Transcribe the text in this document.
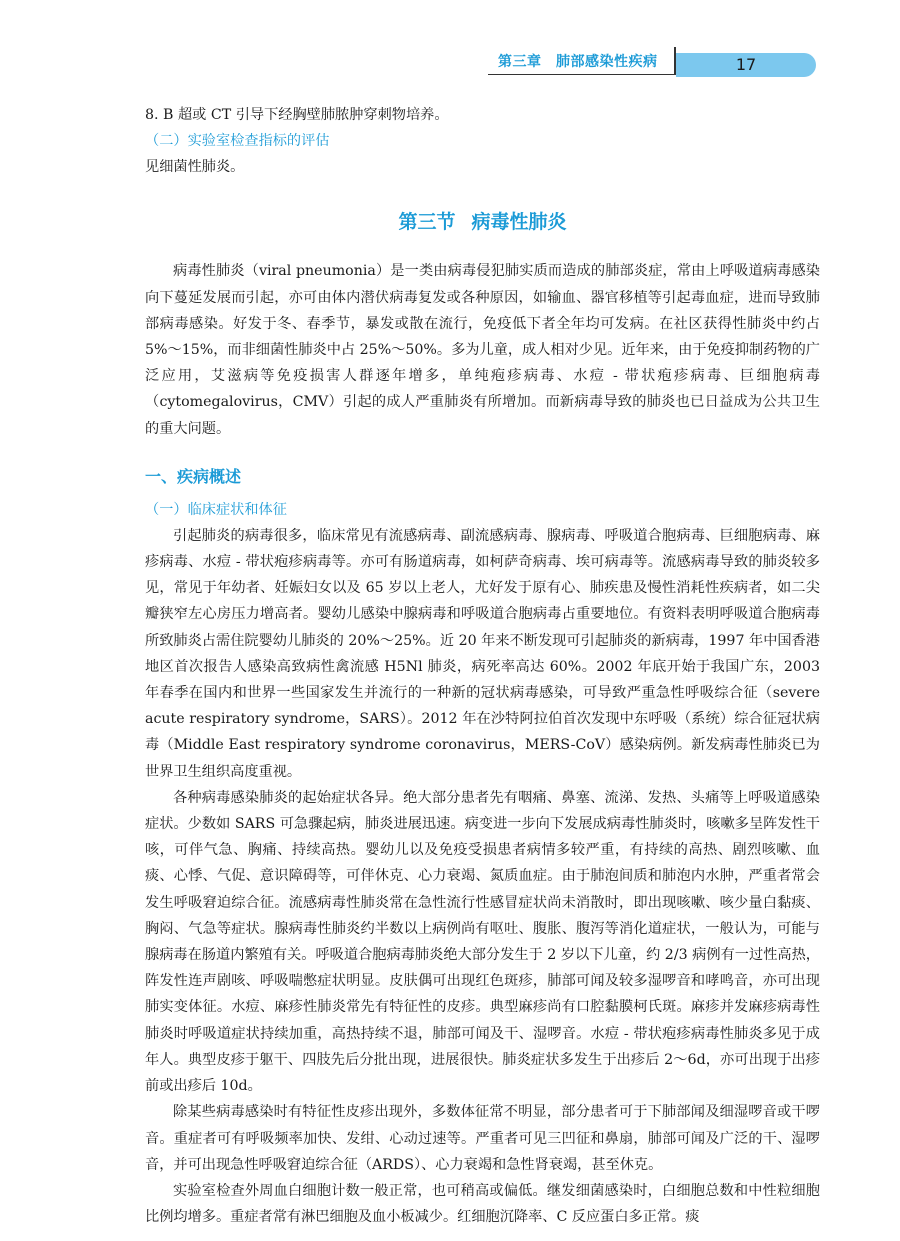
第三章　肺部感染性疾病	17

8. B 超或 CT 引导下经胸壁肺脓肿穿刺物培养。

（二）实验室检查指标的评估

见细菌性肺炎。

第三节 病毒性肺炎

病毒性肺炎（viral pneumonia）是一类由病毒侵犯肺实质而造成的肺部炎症，常由上呼吸道病毒感染向下蔓延发展而引起，亦可由体内潜伏病毒复发或各种原因，如输血、器官移植等引起毒血症，进而导致肺部病毒感染。好发于冬、春季节，暴发或散在流行，免疫低下者全年均可发病。在社区获得性肺炎中约占 5%～15%，而非细菌性肺炎中占 25%～50%。多为儿童，成人相对少见。近年来，由于免疫抑制药物的广泛应用，艾滋病等免疫损害人群逐年增多，单纯疱疹病毒、水痘 - 带状疱疹病毒、巨细胞病毒（cytomegalovirus，CMV）引起的成人严重肺炎有所增加。而新病毒导致的肺炎也已日益成为公共卫生的重大问题。

一、疾病概述

（一）临床症状和体征

引起肺炎的病毒很多，临床常见有流感病毒、副流感病毒、腺病毒、呼吸道合胞病毒、巨细胞病毒、麻疹病毒、水痘 - 带状疱疹病毒等。亦可有肠道病毒，如柯萨奇病毒、埃可病毒等。流感病毒导致的肺炎较多见，常见于年幼者、妊娠妇女以及 65 岁以上老人，尤好发于原有心、肺疾患及慢性消耗性疾病者，如二尖瓣狭窄左心房压力增高者。婴幼儿感染中腺病毒和呼吸道合胞病毒占重要地位。有资料表明呼吸道合胞病毒所致肺炎占需住院婴幼儿肺炎的 20%～25%。近 20 年来不断发现可引起肺炎的新病毒，1997 年中国香港地区首次报告人感染高致病性禽流感 H5Nl 肺炎，病死率高达 60%。2002 年底开始于我国广东，2003 年春季在国内和世界一些国家发生并流行的一种新的冠状病毒感染，可导致严重急性呼吸综合征（severe acute respiratory syndrome，SARS）。2012 年在沙特阿拉伯首次发现中东呼吸（系统）综合征冠状病毒（Middle East respiratory syndrome coronavirus，MERS-CoV）感染病例。新发病毒性肺炎已为世界卫生组织高度重视。

各种病毒感染肺炎的起始症状各异。绝大部分患者先有咽痛、鼻塞、流涕、发热、头痛等上呼吸道感染症状。少数如 SARS 可急骤起病，肺炎进展迅速。病变进一步向下发展成病毒性肺炎时，咳嗽多呈阵发性干咳，可伴气急、胸痛、持续高热。婴幼儿以及免疫受损患者病情多较严重，有持续的高热、剧烈咳嗽、血痰、心悸、气促、意识障碍等，可伴休克、心力衰竭、氮质血症。由于肺泡间质和肺泡内水肿，严重者常会发生呼吸窘迫综合征。流感病毒性肺炎常在急性流行性感冒症状尚未消散时，即出现咳嗽、咳少量白黏痰、胸闷、气急等症状。腺病毒性肺炎约半数以上病例尚有呕吐、腹胀、腹泻等消化道症状，一般认为，可能与腺病毒在肠道内繁殖有关。呼吸道合胞病毒肺炎绝大部分发生于 2 岁以下儿童，约 2/3 病例有一过性高热，阵发性连声剧咳、呼吸喘憋症状明显。皮肤偶可出现红色斑疹，肺部可闻及较多湿啰音和哮鸣音，亦可出现肺实变体征。水痘、麻疹性肺炎常先有特征性的皮疹。典型麻疹尚有口腔黏膜柯氏斑。麻疹并发麻疹病毒性肺炎时呼吸道症状持续加重，高热持续不退，肺部可闻及干、湿啰音。水痘 - 带状疱疹病毒性肺炎多见于成年人。典型皮疹于躯干、四肢先后分批出现，进展很快。肺炎症状多发生于出疹后 2～6d，亦可出现于出疹前或出疹后 10d。

除某些病毒感染时有特征性皮疹出现外，多数体征常不明显，部分患者可于下肺部闻及细湿啰音或干啰音。重症者可有呼吸频率加快、发绀、心动过速等。严重者可见三凹征和鼻扇，肺部可闻及广泛的干、湿啰音，并可出现急性呼吸窘迫综合征（ARDS）、心力衰竭和急性肾衰竭，甚至休克。

实验室检查外周血白细胞计数一般正常，也可稍高或偏低。继发细菌感染时，白细胞总数和中性粒细胞比例均增多。重症者常有淋巴细胞及血小板减少。红细胞沉降率、C 反应蛋白多正常。痰
